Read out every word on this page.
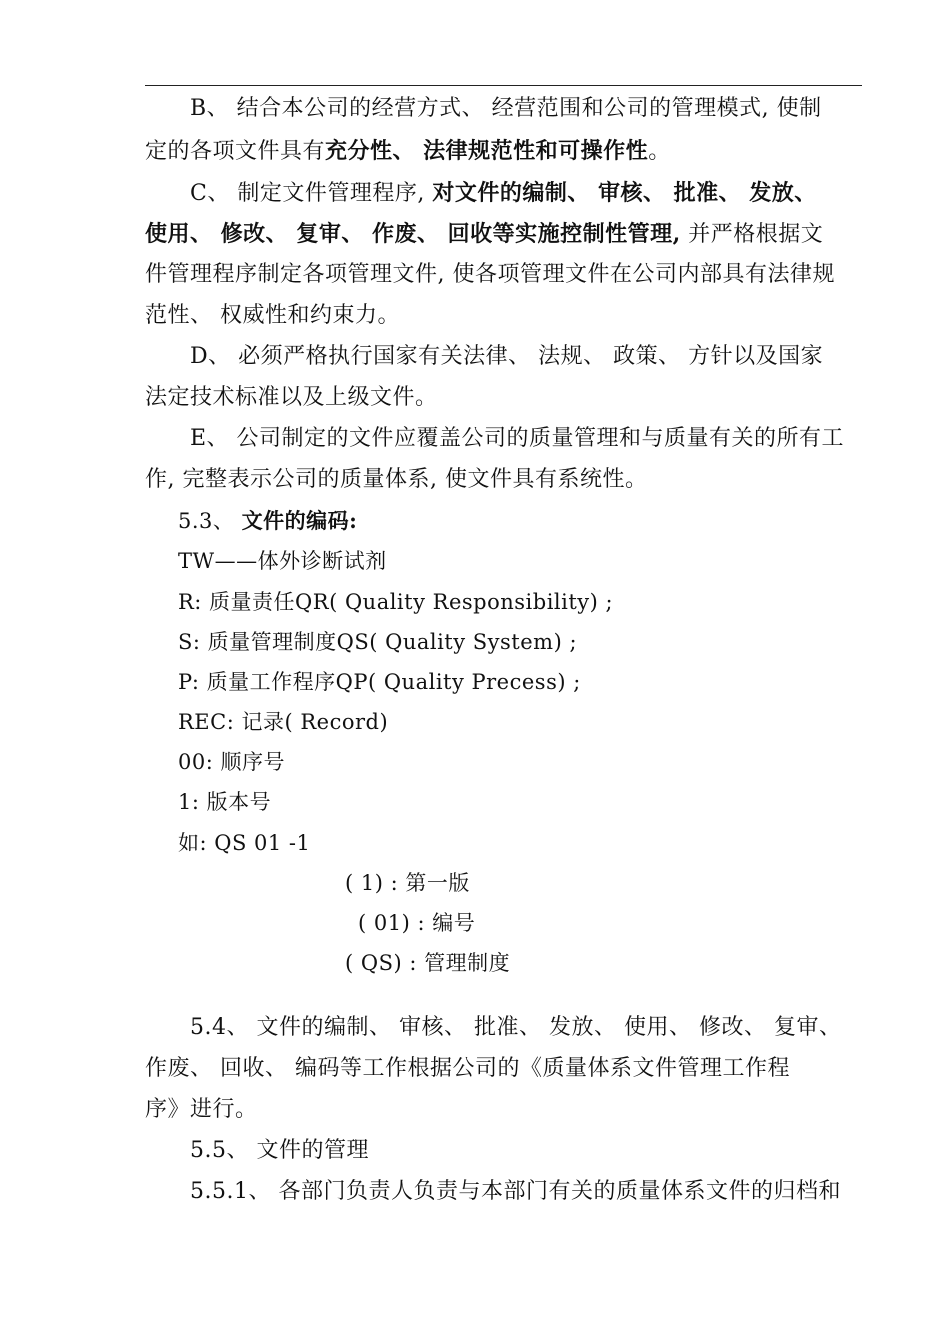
B、 结合本公司的经营方式、 经营范围和公司的管理模式, 使制
定的各项文件具有充分性、 法律规范性和可操作性。
C、 制定文件管理程序, 对文件的编制、 审核、 批准、 发放、
使用、 修改、 复审、 作废、 回收等实施控制性管理, 并严格根据文
件管理程序制定各项管理文件, 使各项管理文件在公司内部具有法律规
范性、 权威性和约束力。
D、 必须严格执行国家有关法律、 法规、 政策、 方针以及国家
法定技术标准以及上级文件。
E、 公司制定的文件应覆盖公司的质量管理和与质量有关的所有工
作, 完整表示公司的质量体系, 使文件具有系统性。
5.3、 文件的编码:
TW——体外诊断试剂
R: 质量责任QR( Quality Responsibility) ;
S: 质量管理制度QS( Quality System) ;
P: 质量工作程序QP( Quality Precess) ;
REC: 记录( Record)
00: 顺序号
1: 版本号
如: QS 01 -1
( 1) : 第一版
( 01) : 编号
( QS) : 管理制度
5.4、 文件的编制、 审核、 批准、 发放、 使用、 修改、 复审、
作废、 回收、 编码等工作根据公司的《质量体系文件管理工作程
序》进行。
5.5、 文件的管理
5.5.1、 各部门负责人负责与本部门有关的质量体系文件的归档和
